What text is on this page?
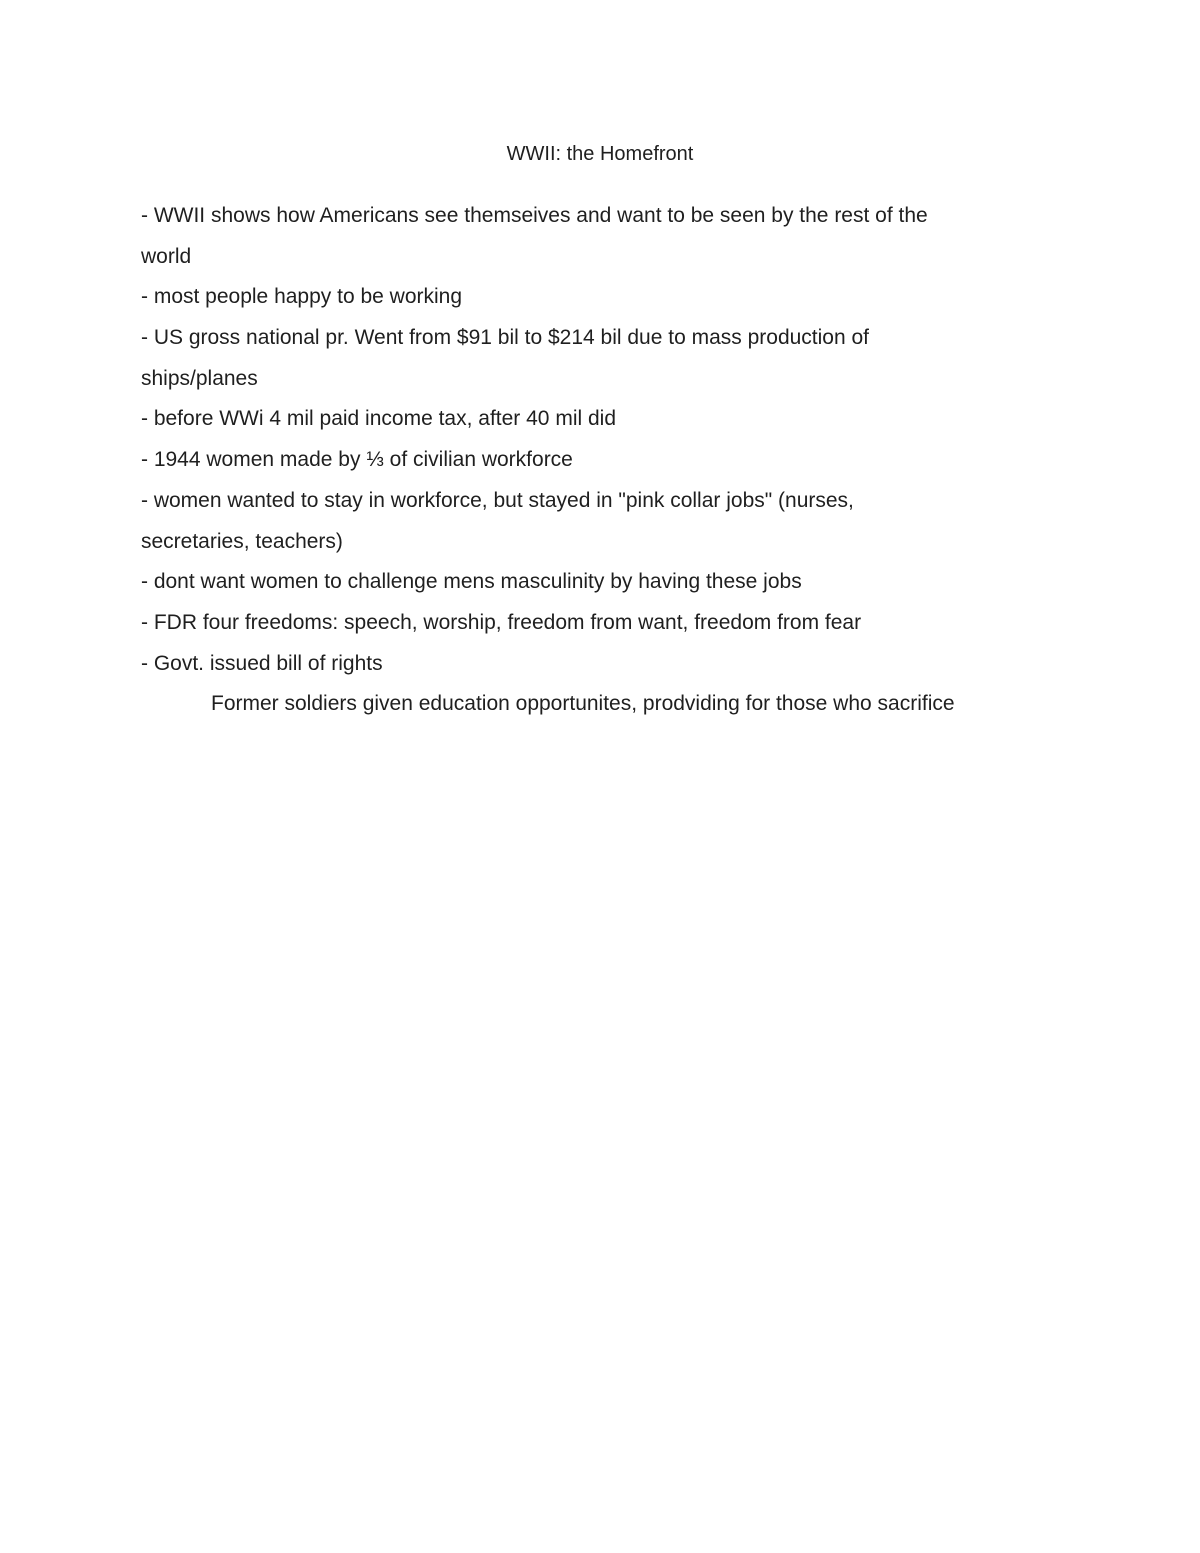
WWII: the Homefront
- WWII shows how Americans see themseives and want to be seen by the rest of the
world
- most people happy to be working
- US gross national pr. Went from $91 bil to $214 bil due to mass production of
ships/planes
- before WWi 4 mil paid income tax, after 40 mil did
- 1944 women made by ⅓ of civilian workforce
- women wanted to stay in workforce, but stayed in "pink collar jobs" (nurses,
secretaries, teachers)
- dont want women to challenge mens masculinity by having these jobs
- FDR four freedoms: speech, worship, freedom from want, freedom from fear
- Govt. issued bill of rights
Former soldiers given education opportunites, prodviding for those who sacrifice
